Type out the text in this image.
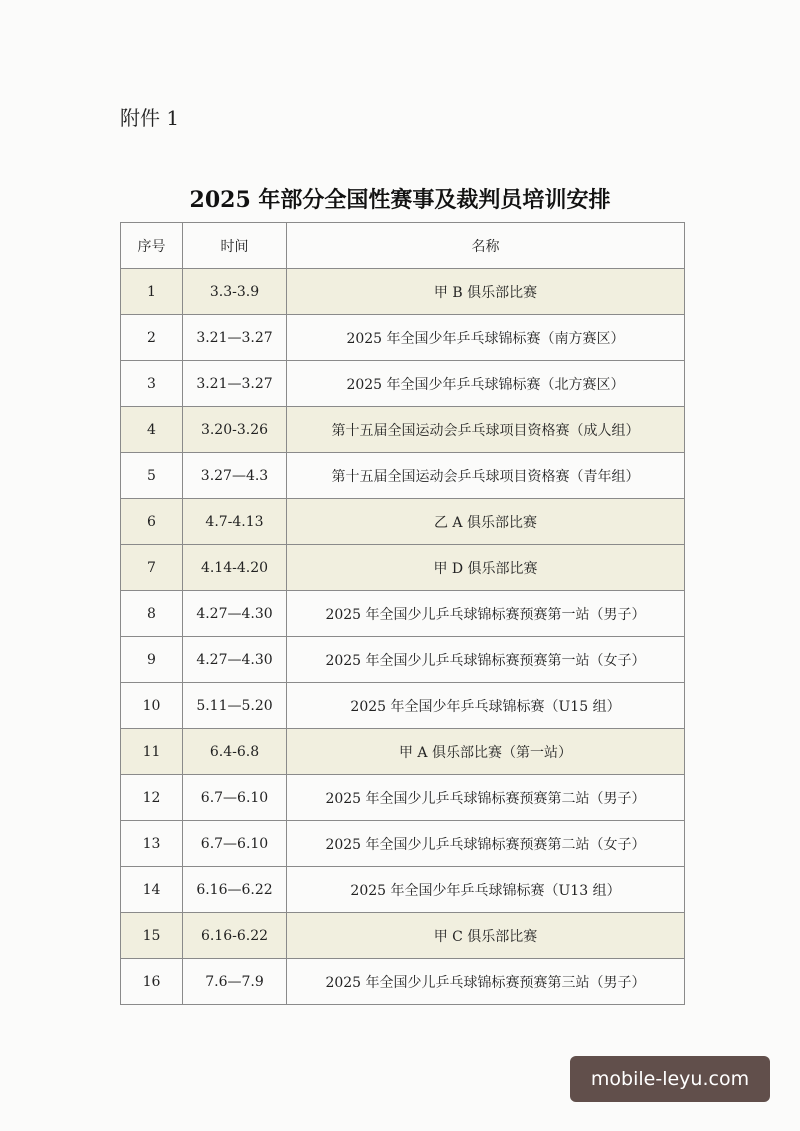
附件 1
2025 年部分全国性赛事及裁判员培训安排
序号	时间	名称
1	3.3-3.9	甲 B 俱乐部比赛
2	3.21—3.27	2025 年全国少年乒乓球锦标赛（南方赛区）
3	3.21—3.27	2025 年全国少年乒乓球锦标赛（北方赛区）
4	3.20-3.26	第十五届全国运动会乒乓球项目资格赛（成人组）
5	3.27—4.3	第十五届全国运动会乒乓球项目资格赛（青年组）
6	4.7-4.13	乙 A 俱乐部比赛
7	4.14-4.20	甲 D 俱乐部比赛
8	4.27—4.30	2025 年全国少儿乒乓球锦标赛预赛第一站（男子）
9	4.27—4.30	2025 年全国少儿乒乓球锦标赛预赛第一站（女子）
10	5.11—5.20	2025 年全国少年乒乓球锦标赛（U15 组）
11	6.4-6.8	甲 A 俱乐部比赛（第一站）
12	6.7—6.10	2025 年全国少儿乒乓球锦标赛预赛第二站（男子）
13	6.7—6.10	2025 年全国少儿乒乓球锦标赛预赛第二站（女子）
14	6.16—6.22	2025 年全国少年乒乓球锦标赛（U13 组）
15	6.16-6.22	甲 C 俱乐部比赛
16	7.6—7.9	2025 年全国少儿乒乓球锦标赛预赛第三站（男子）
mobile-leyu.com
